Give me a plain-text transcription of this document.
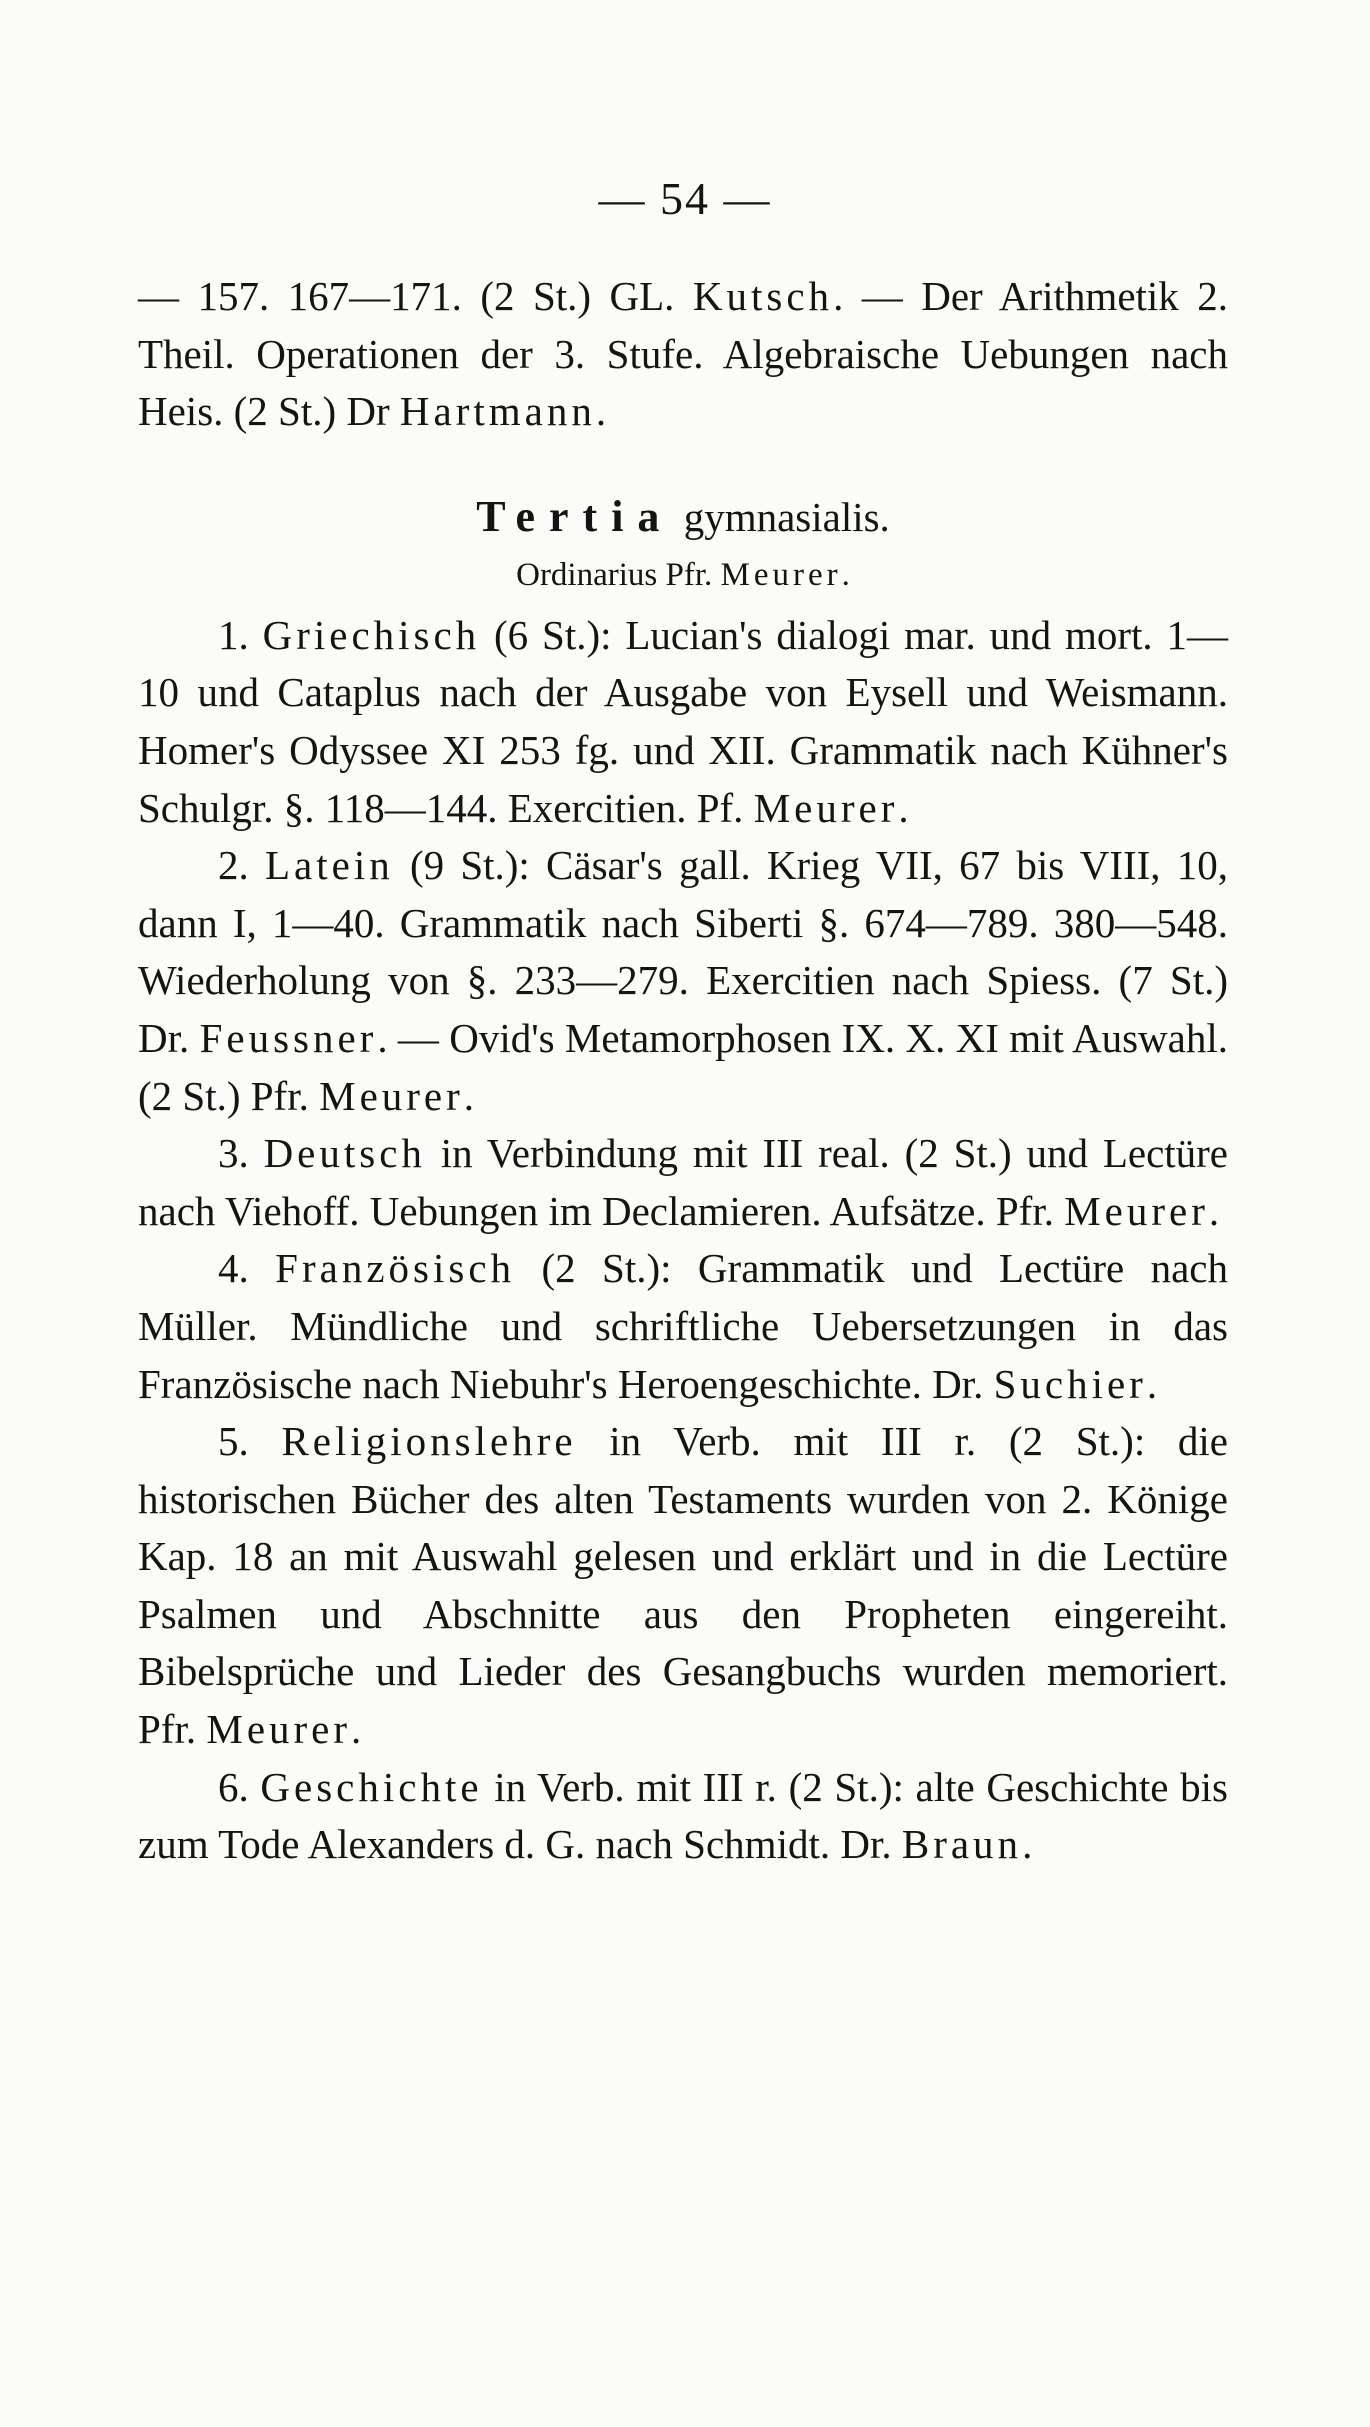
— 54 —

— 157. 167—171. (2 St.) GL. Kutsch. — Der Arithmetik 2. Theil. Operationen der 3. Stufe. Algebraische Uebungen nach Heis. (2 St.) Dr Hartmann.

Tertia gymnasialis.

Ordinarius Pfr. Meurer.

1. Griechisch (6 St.): Lucian's dialogi mar. und mort. 1—10 und Cataplus nach der Ausgabe von Eysell und Weismann. Homer's Odyssee XI 253 fg. und XII. Grammatik nach Kühner's Schulgr. §. 118—144. Exercitien. Pf. Meurer.

2. Latein (9 St.): Cäsar's gall. Krieg VII, 67 bis VIII, 10, dann I, 1—40. Grammatik nach Siberti §. 674—789. 380—548. Wiederholung von §. 233—279. Exercitien nach Spiess. (7 St.) Dr. Feussner. — Ovid's Metamorphosen IX. X. XI mit Auswahl. (2 St.) Pfr. Meurer.

3. Deutsch in Verbindung mit III real. (2 St.) und Lectüre nach Viehoff. Uebungen im Declamieren. Aufsätze. Pfr. Meurer.

4. Französisch (2 St.): Grammatik und Lectüre nach Müller. Mündliche und schriftliche Uebersetzungen in das Französische nach Niebuhr's Heroengeschichte. Dr. Suchier.

5. Religionslehre in Verb. mit III r. (2 St.): die historischen Bücher des alten Testaments wurden von 2. Könige Kap. 18 an mit Auswahl gelesen und erklärt und in die Lectüre Psalmen und Abschnitte aus den Propheten eingereiht. Bibelsprüche und Lieder des Gesangbuchs wurden memoriert. Pfr. Meurer.

6. Geschichte in Verb. mit III r. (2 St.): alte Geschichte bis zum Tode Alexanders d. G. nach Schmidt. Dr. Braun.
